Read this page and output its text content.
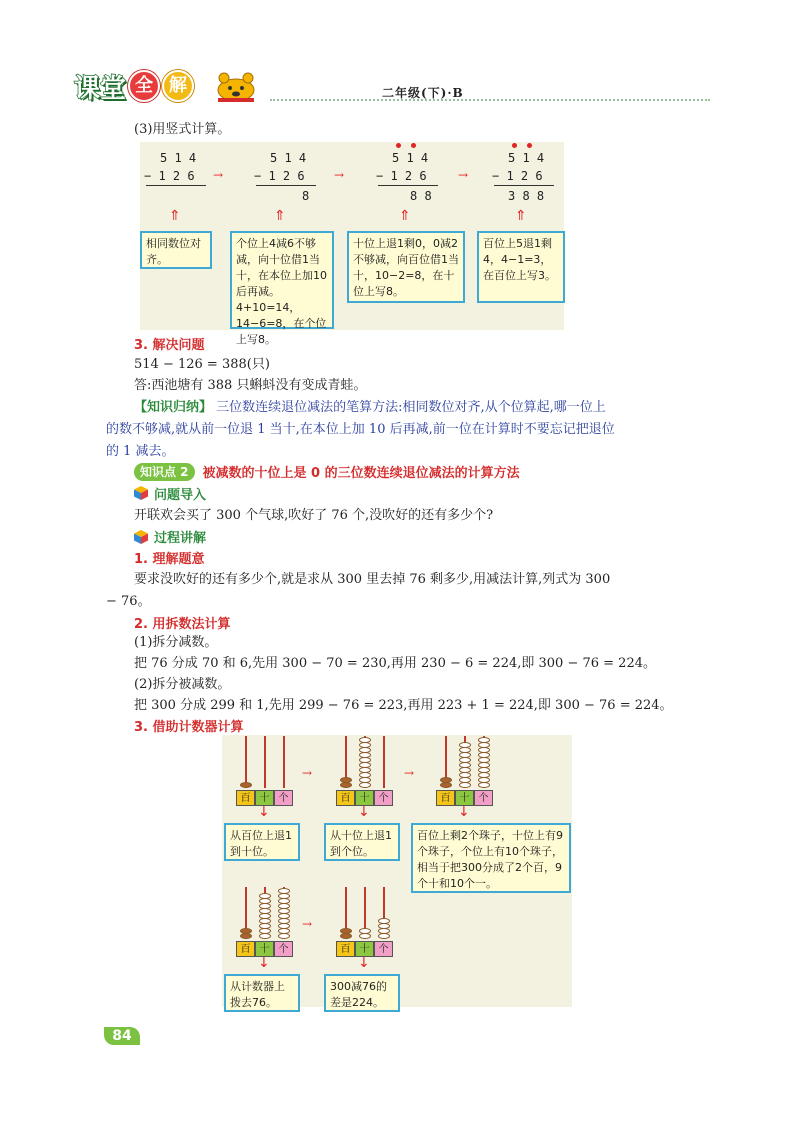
课 堂 全 解	二年级(下)·B
(3)用竖式计算。
5 1 4
− 1 2 6 →
5 1 4
− 1 2 6
8
→
5 1 4
− 1 2 6
8 8
→
5 1 4
− 1 2 6
3 8 8
⇑	⇑	⇑	⇑
相同数位对齐。
个位上4减6不够减，向十位借1当十，在本位上加10后再减。4+10=14，14−6=8，在个位上写8。
十位上退1剩0，0减2不够减，向百位借1当十，10−2=8，在十位上写8。
百位上5退1剩4，4−1=3，在百位上写3。
3. 解决问题
514 − 126 = 388(只)
答:西池塘有 388 只蝌蚪没有变成青蛙。
【知识归纳】 三位数连续退位减法的笔算方法:相同数位对齐,从个位算起,哪一位上
的数不够减,就从前一位退 1 当十,在本位上加 10 后再减,前一位在计算时不要忘记把退位
的 1 减去。
知识点 2	被减数的十位上是 0 的三位数连续退位减法的计算方法
问题导入
开联欢会买了 300 个气球,吹好了 76 个,没吹好的还有多少个?
过程讲解
1. 理解题意
要求没吹好的还有多少个,就是求从 300 里去掉 76 剩多少,用减法计算,列式为 300
− 76。
2. 用拆数法计算
(1)拆分减数。
把 76 分成 70 和 6,先用 300 − 70 = 230,再用 230 − 6 = 224,即 300 − 76 = 224。
(2)拆分被减数。
把 300 分成 299 和 1,先用 299 − 76 = 223,再用 223 + 1 = 224,即 300 − 76 = 224。
3. 借助计数器计算
百 十 个
↓
百 十 个
↓
百 十 个
↓
百 十 个
↓
百 十 个
↓
从百位上退1到十位。
从十位上退1到个位。
百位上剩2个珠子，十位上有9个珠子，个位上有10个珠子，相当于把300分成了2个百，9个十和10个一。
从计数器上拨去76。
300减76的差是224。
→	→
→
84
